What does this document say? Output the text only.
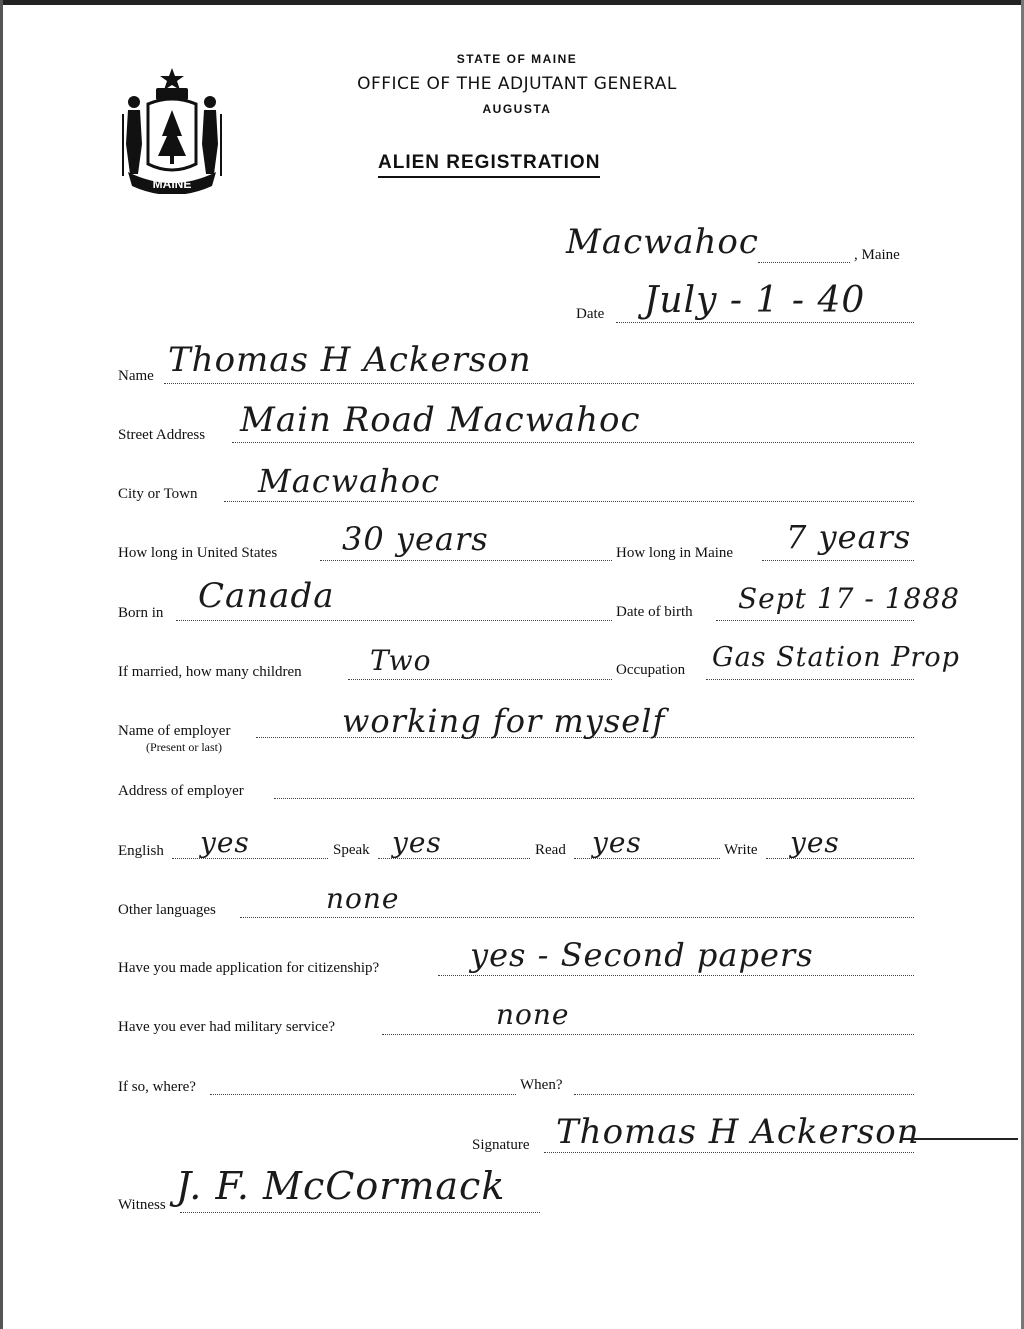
MAINE
STATE OF MAINE
OFFICE OF THE ADJUTANT GENERAL
AUGUSTA
ALIEN REGISTRATION
Macwahoc	, Maine
Date July - 1 - 40
Name Thomas H Ackerson
Street Address Main Road Macwahoc
City or Town Macwahoc
How long in United States 30 years	How long in Maine 7 years
Born in Canada	Date of birth Sept 17 - 1888
If married, how many children Two	Occupation Gas Station Prop
Name of employer
(Present or last)
working for myself
Address of employer
English yes	Speak yes	Read yes	Write yes
Other languages	none
Have you made application for citizenship?	yes - Second papers
Have you ever had military service?	none
If so, where?	When?
Signature Thomas H Ackerson
Witness J. F. McCormack
